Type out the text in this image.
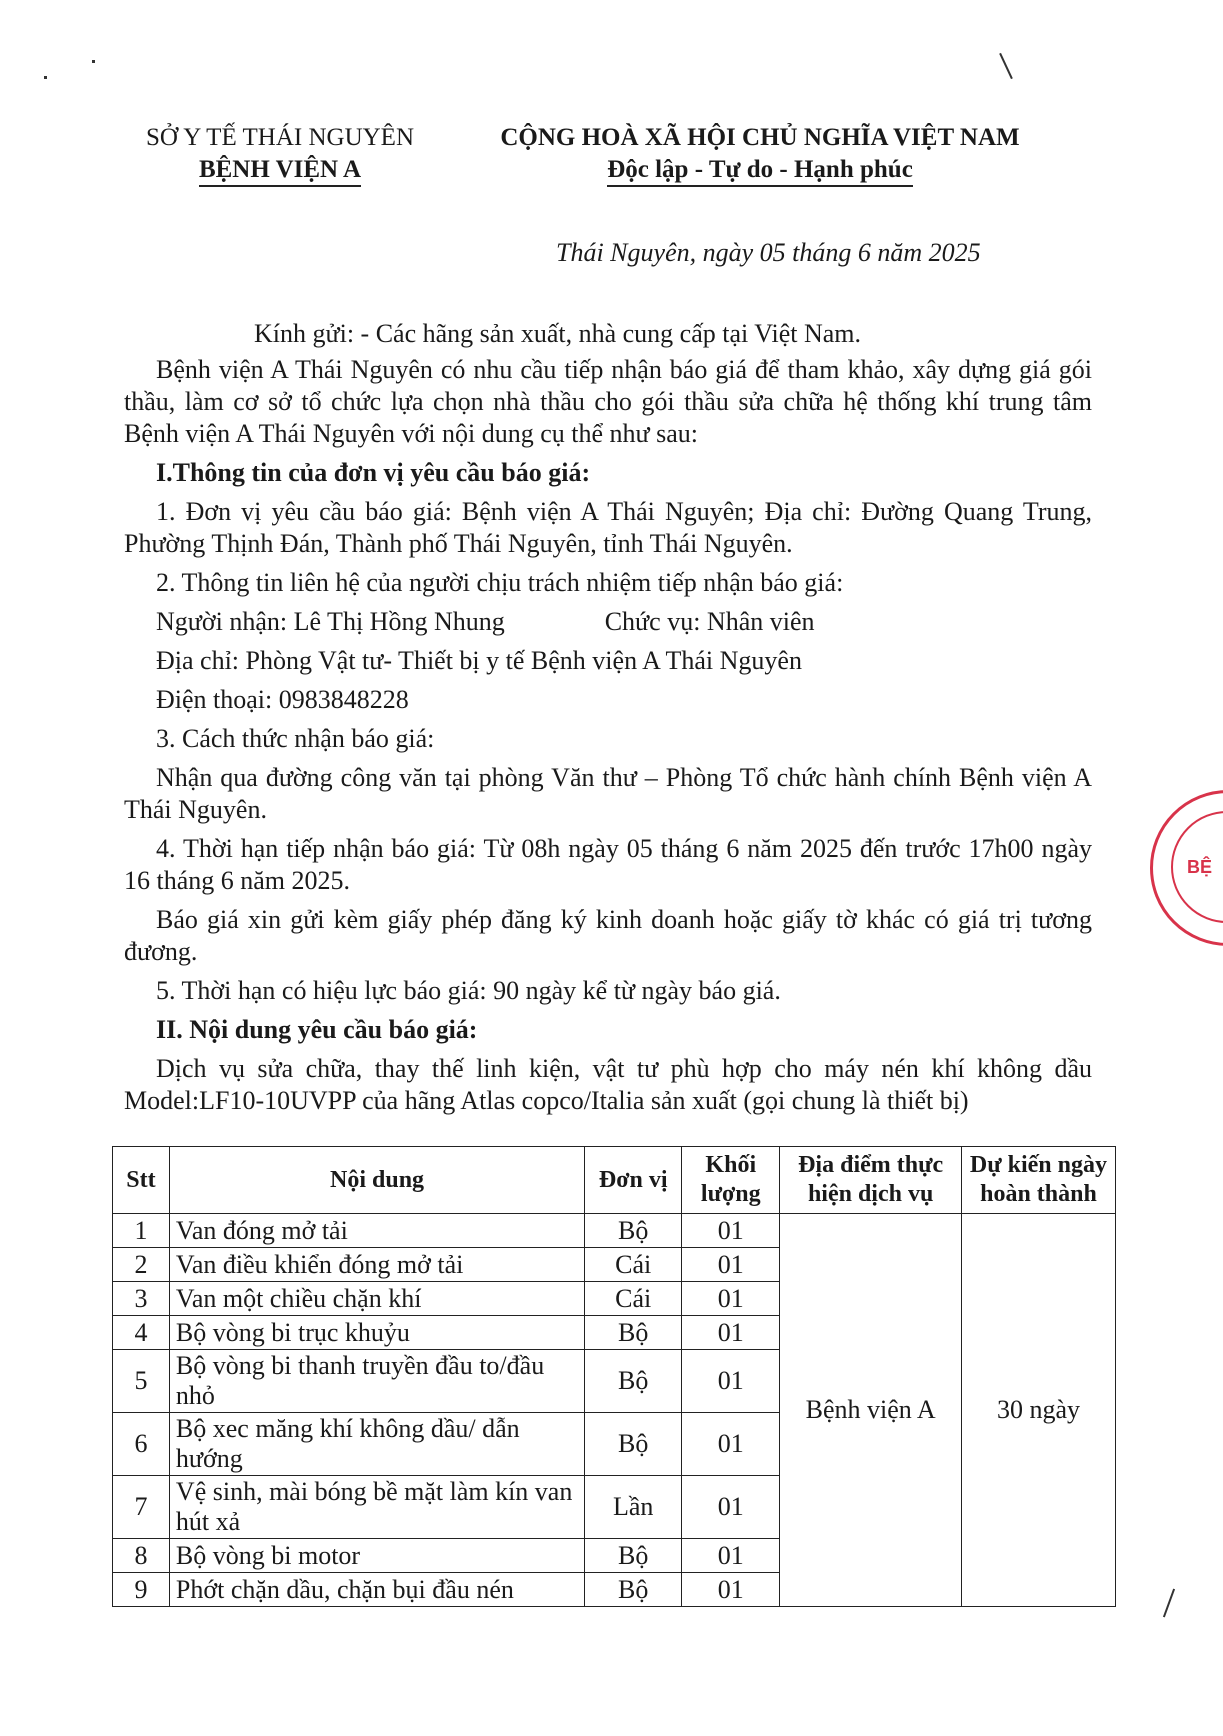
SỞ Y TẾ THÁI NGUYÊN
BỆNH VIỆN A
CỘNG HOÀ XÃ HỘI CHỦ NGHĨA VIỆT NAM
Độc lập - Tự do - Hạnh phúc
Thái Nguyên, ngày 05 tháng 6 năm 2025

Kính gửi: - Các hãng sản xuất, nhà cung cấp tại Việt Nam.

Bệnh viện A Thái Nguyên có nhu cầu tiếp nhận báo giá để tham khảo, xây dựng giá gói thầu, làm cơ sở tổ chức lựa chọn nhà thầu cho gói thầu sửa chữa hệ thống khí trung tâm Bệnh viện A Thái Nguyên với nội dung cụ thể như sau:

I.Thông tin của đơn vị yêu cầu báo giá:

1. Đơn vị yêu cầu báo giá: Bệnh viện A Thái Nguyên; Địa chỉ: Đường Quang Trung, Phường Thịnh Đán, Thành phố Thái Nguyên, tỉnh Thái Nguyên.

2. Thông tin liên hệ của người chịu trách nhiệm tiếp nhận báo giá:

Người nhận: Lê Thị Hồng Nhung	Chức vụ: Nhân viên

Địa chỉ: Phòng Vật tư- Thiết bị y tế Bệnh viện A Thái Nguyên

Điện thoại: 0983848228

3. Cách thức nhận báo giá:

Nhận qua đường công văn tại phòng Văn thư – Phòng Tổ chức hành chính Bệnh viện A Thái Nguyên.

4. Thời hạn tiếp nhận báo giá: Từ 08h ngày 05 tháng 6 năm 2025 đến trước 17h00 ngày 16 tháng 6 năm 2025.

Báo giá xin gửi kèm giấy phép đăng ký kinh doanh hoặc giấy tờ khác có giá trị tương đương.

5. Thời hạn có hiệu lực báo giá: 90 ngày kể từ ngày báo giá.

II. Nội dung yêu cầu báo giá:

Dịch vụ sửa chữa, thay thế linh kiện, vật tư phù hợp cho máy nén khí không dầu Model:LF10-10UVPP của hãng Atlas copco/Italia sản xuất (gọi chung là thiết bị)

Stt	Nội dung	Đơn vị	Khối lượng	Địa điểm thực hiện dịch vụ	Dự kiến ngày hoàn thành
1	Van đóng mở tải	Bộ	01	Bệnh viện A	30 ngày
2	Van điều khiển đóng mở tải	Cái	01		
3	Van một chiều chặn khí	Cái	01		
4	Bộ vòng bi trục khuỷu	Bộ	01		
5	Bộ vòng bi thanh truyền đầu to/đầu nhỏ	Bộ	01		
6	Bộ xec măng khí không dầu/ dẫn hướng	Bộ	01		
7	Vệ sinh, mài bóng bề mặt làm kín van hút xả	Lần	01		
8	Bộ vòng bi motor	Bộ	01		
9	Phớt chặn dầu, chặn bụi đầu nén	Bộ	01		
BỆ
